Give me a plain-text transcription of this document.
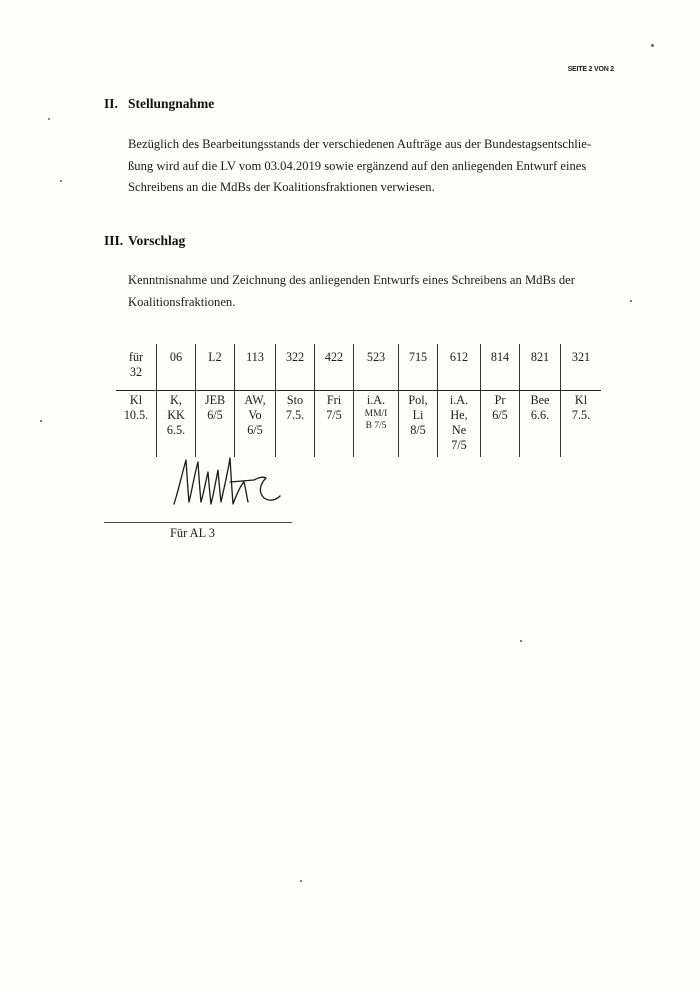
SEITE 2 VON 2
II. Stellungnahme
Bezüglich des Bearbeitungsstands der verschiedenen Aufträge aus der Bundestagsentschlie-
ßung wird auf die LV vom 03.04.2019 sowie ergänzend auf den anliegenden Entwurf eines
Schreibens an die MdBs der Koalitionsfraktionen verwiesen.
III. Vorschlag
Kenntnisnahme und Zeichnung des anliegenden Entwurfs eines Schreibens an MdBs der
Koalitionsfraktionen.
für
32	06	L2	113	322	422	523	715	612	814	821	321

Kl
10.5.	K,
KK
6.5.	JEB
6/5	AW,
Vo
6/5	Sto
7.5.	Fri
7/5	i.A.
MM/I
B 7/5	Pol,
Li
8/5	i.A.
He,
Ne
7/5	Pr
6/5	Bee
6.6.	Kl
7.5.
Für AL 3
